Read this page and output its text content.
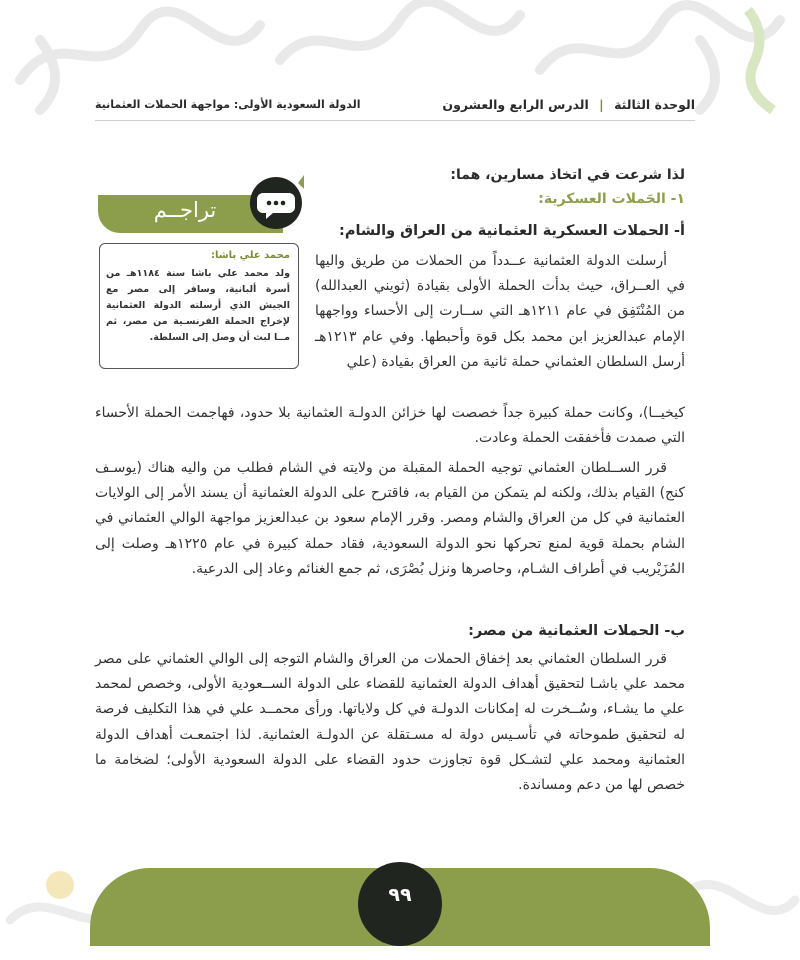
الوحدة الثالثة | الدرس الرابع والعشرون
الدولة السعودية الأولى: مواجهة الحملات العثمانية
لذا شرعت في اتخاذ مسارين، هما:
١- الحَملات العسكرية:
أ- الحملات العسكرية العثمانية من العراق والشام:
أرسلت الدولة العثمانية عــدداً من الحملات من طريق واليها في العــراق، حيث بدأت الحملة الأولى بقيادة (ثويني العبدالله) من المُنْتَفِق في عام ١٢١١هـ التي ســارت إلى الأحساء وواجهها الإمام عبدالعزيز ابن محمد بكل قوة وأحبطها. وفي عام ١٢١٣هـ أرسل السلطان العثماني حملة ثانية من العراق بقيادة (علي
كيخيــا)، وكانت حملة كبيرة جداً خصصت لها خزائن الدولـة العثمانية بلا حدود، فهاجمت الحملة الأحساء التي صمدت فأخفقت الحملة وعادت.
قرر الســلطان العثماني توجيه الحملة المقبلة من ولايته في الشام فطلب من واليه هناك (يوسـف كنج) القيام بذلك، ولكنه لم يتمكن من القيام به، فاقترح على الدولة العثمانية أن يسند الأمر إلى الولايات العثمانية في كل من العراق والشام ومصر. وقرر الإمام سعود بن عبدالعزيز مواجهة الوالي العثماني في الشام بحملة قوية لمنع تحركها نحو الدولة السعودية، فقاد حملة كبيرة في عام ١٢٢٥هـ وصلت إلى المُزَيْريب في أطراف الشـام، وحاصرها ونزل بُصْرَى، ثم جمع الغنائم وعاد إلى الدرعية.
ب- الحملات العثمانية من مصر:
قرر السلطان العثماني بعد إخفاق الحملات من العراق والشام التوجه إلى الوالي العثماني على مصر محمد علي باشـا لتحقيق أهداف الدولة العثمانية للقضاء على الدولة الســعودية الأولى، وخصص لمحمد علي ما يشـاء، وسُــخرت له إمكانات الدولـة في كل ولاياتها. ورأى محمــد علي في هذا التكليف فرصة له لتحقيق طموحاته في تأسـيس دولة له مسـتقلة عن الدولـة العثمانية. لذا اجتمعـت أهداف الدولة العثمانية ومحمد علي لتشـكل قوة تجاوزت حدود القضاء على الدولة السعودية الأولى؛ لضخامة ما خصص لها من دعم ومساندة.
تراجــم
محمد علي باشا:
ولد محمد علي باشا سنة ١١٨٤هـ من أسرة ألبانية، وسافر إلى مصر مع الجيش الذي أرسلته الدولة العثمانية لإخراج الحملة الفرنسـية من مصر، ثم مــا لبث أن وصل إلى السلطة.
٩٩
